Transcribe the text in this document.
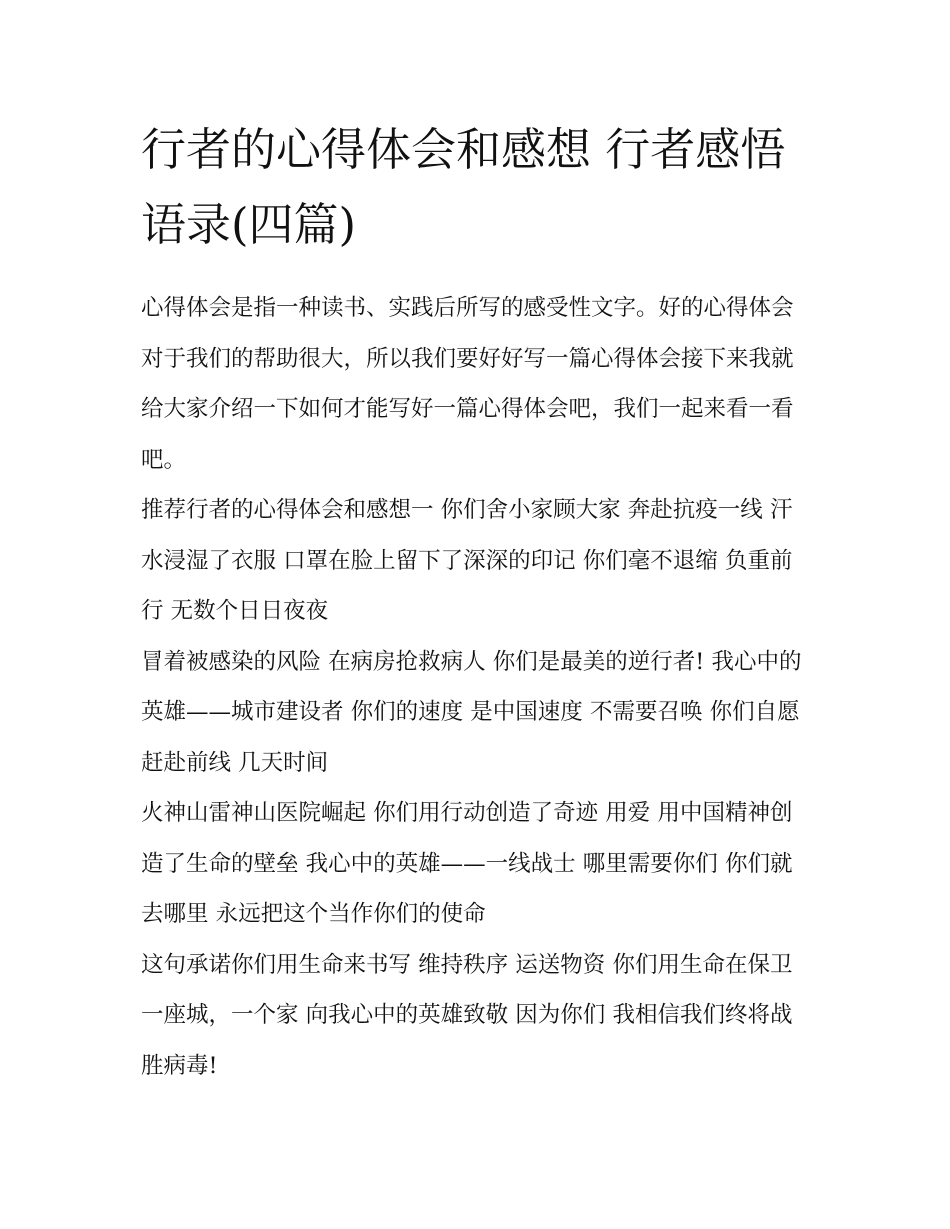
行者的心得体会和感想 行者感悟语录(四篇)

心得体会是指一种读书、实践后所写的感受性文字。好的心得体会对于我们的帮助很大，所以我们要好好写一篇心得体会接下来我就给大家介绍一下如何才能写好一篇心得体会吧，我们一起来看一看吧。

推荐行者的心得体会和感想一 你们舍小家顾大家 奔赴抗疫一线 汗水浸湿了衣服 口罩在脸上留下了深深的印记 你们毫不退缩 负重前行 无数个日日夜夜

冒着被感染的风险 在病房抢救病人 你们是最美的逆行者! 我心中的英雄——城市建设者 你们的速度 是中国速度 不需要召唤 你们自愿赶赴前线 几天时间

火神山雷神山医院崛起 你们用行动创造了奇迹 用爱 用中国精神创造了生命的壁垒 我心中的英雄——一线战士 哪里需要你们 你们就去哪里 永远把这个当作你们的使命

这句承诺你们用生命来书写 维持秩序 运送物资 你们用生命在保卫一座城，一个家 向我心中的英雄致敬 因为你们 我相信我们终将战胜病毒!
